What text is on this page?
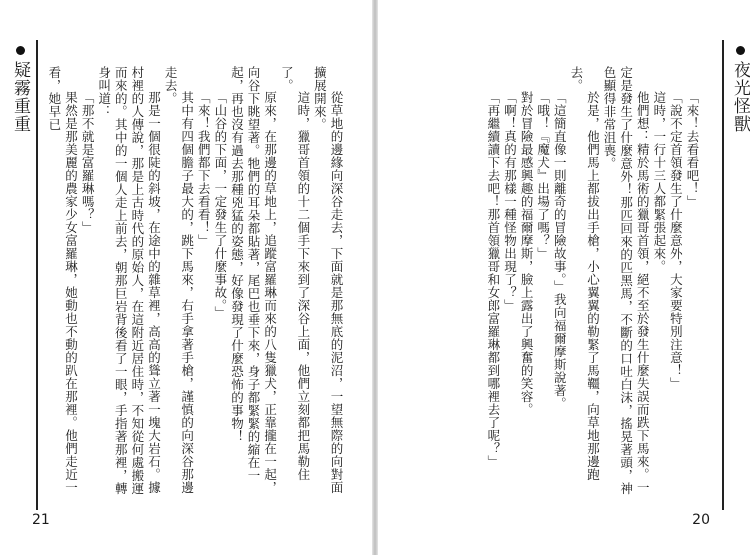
疑霧重重	從草地的邊緣向深谷走去，下面就是那無底的泥沼，一望無際的向對面擴展開來。

這時，獵哥首領的十二個手下來到了深谷上面，他們立刻都把馬勒住了。

原來，在那邊的草地上，追蹤富羅琳而來的八隻獵犬，正靠攏在一起，向谷下眺望著。牠們的耳朵都貼著，尾巴也垂下來，身子都緊緊的縮在一起，再也沒有過去那種兇猛的姿態，好像發現了什麼恐怖的事物！

「山谷的下面，一定發生了什麼事故。」

「來！我們都下去看看！」

其中有四個膽子最大的，跳下馬來，右手拿著手槍，謹慎的向深谷那邊走去。

那是一個很陡的斜坡，在途中的雜草裡，高高的聳立著一塊大岩石。據村裡的人傳說，那是上古時代的原始人，在這附近居住時，不知從何處搬運而來的。其中的一個人走上前去，朝那巨岩背後看了一眼，手指著那裡，轉身叫道：

「那不就是富羅琳嗎？」

果然是那美麗的農家少女富羅琳，她動也不動的趴在那裡。他們走近一看，她早已

21
夜光怪獸

「來！去看看吧！」

「說不定首領發生了什麼意外，大家要特別注意！」

這時，一行十三人都緊張起來。

他們想：精於馬術的獵哥首領，絕不至於發生什麼失誤而跌下馬來。一定是發生了什麼意外！那匹回來的匹黑馬，不斷的口吐白沫，搖晃著頭，神色顯得非常沮喪。

於是，他們馬上都拔出手槍，小心翼翼的勒緊了馬韁，向草地那邊跑去。

「這簡直像一則離奇的冒險故事。」我向福爾摩斯說著。

「哦！『魔犬』出場了嗎？」

對於冒險最感興趣的福爾摩斯，臉上露出了興奮的笑容。

「啊！真的有那樣一種怪物出現了？」

「再繼續讀下去吧！那首領獵哥和女郎富羅琳都到哪裡去了呢？」

20
